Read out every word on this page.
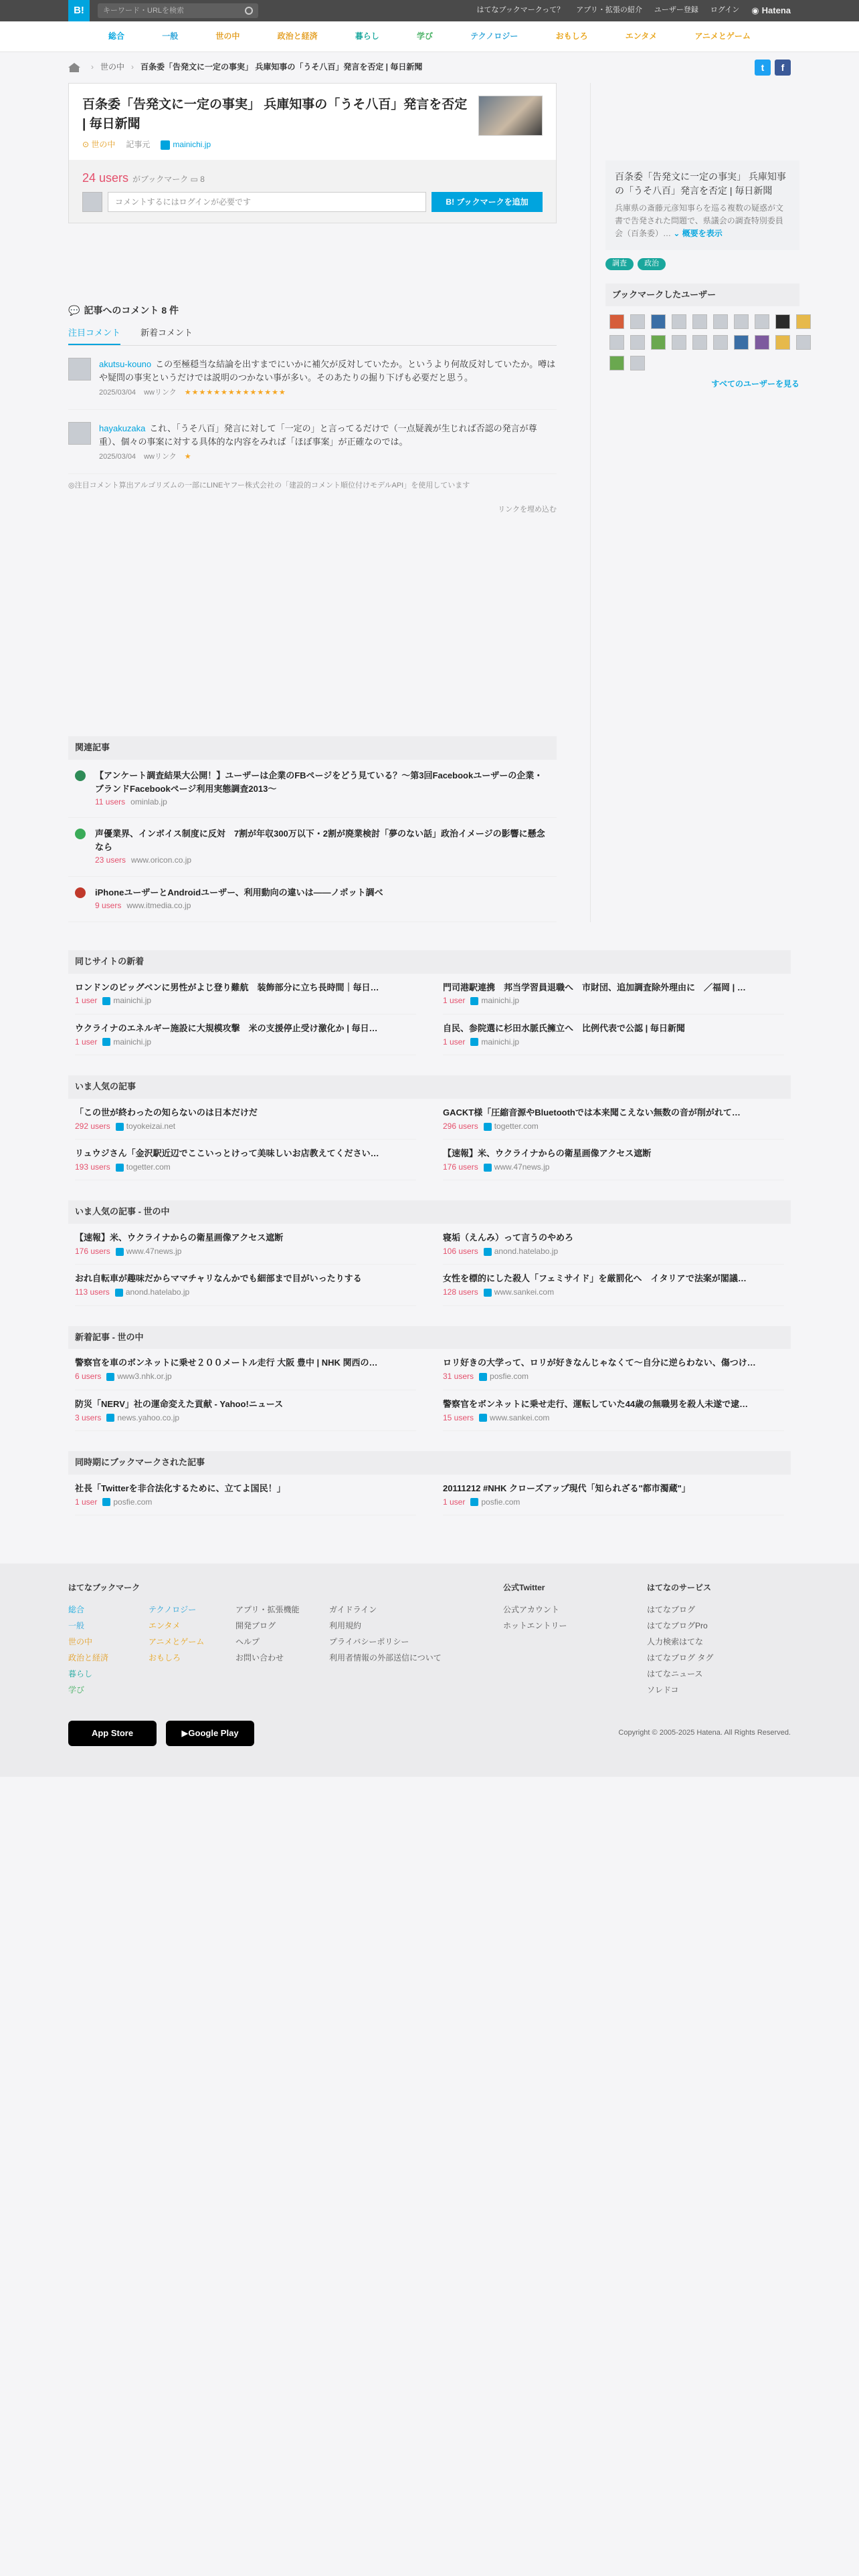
B!
キーワード・URLを検索	はてなブックマークって？ アプリ・拡張の紹介 ユーザー登録 ログイン ◉ Hatena
総合	一般	世の中	政治と経済	暮らし	学び	テクノロジー	おもしろ	エンタメ	アニメとゲーム
› 世の中 › 百条委「告発文に一定の事実」 兵庫知事の「うそ八百」発言を否定 | 毎日新聞	t	f
百条委「告発文に一定の事実」 兵庫知事の「うそ八百」発言を否定 | 毎日新聞
⊙ 世の中 記事元	mainichi.jp
24 users がブックマーク ▭ 8
コメントするにはログインが必要です	B! ブックマークを追加
💬 記事へのコメント 8 件
注目コメント 新着コメント
akutsu-kouno この至極穏当な結論を出すまでにいかに補欠が反対していたか。というより何故反対していたか。噂はや疑問の事実というだけでは説明のつかない事が多い。そのあたりの掘り下げも必要だと思う。
2025/03/04 wwリンク ★★★★★★★★★★★★★★
hayakuzaka これ、「うそ八百」発言に対して「一定の」と言ってるだけで（一点疑義が生じれば否認の発言が尊重）、個々の事案に対する具体的な内容をみれば「ほぼ事案」が正確なのでは。
2025/03/04 wwリンク ★
◎注目コメント算出アルゴリズムの一部にLINEヤフー株式会社の「建設的コメント順位付けモデルAPI」を使用しています
リンクを埋め込む
関連記事
【アンケート調査結果大公開！】ユーザーは企業のFBページをどう見ている？〜第3回Facebookユーザーの企業・ブランドFacebookページ利用実態調査2013〜
11 users ominlab.jp
声優業界、インボイス制度に反対　7割が年収300万以下・2割が廃業検討「夢のない話」政治イメージの影響に懸念なら
23 users www.oricon.co.jp
iPhoneユーザーとAndroidユーザー、利用動向の違いは——ノポット調べ
9 users www.itmedia.co.jp
百条委「告発文に一定の事実」 兵庫知事の「うそ八百」発言を否定 | 毎日新聞

兵庫県の斎藤元彦知事らを巡る複数の疑惑が文書で告発された問題で、県議会の調査特別委員会（百条委）… ⌄ 概要を表示

調査	政治
ブックマークしたユーザー
すべてのユーザーを見る
同じサイトの新着
ロンドンのビッグベンに男性がよじ登り難航　装飾部分に立ち長時間｜毎日…
1 user mainichi.jp
門司港駅連携　邦当学習員退職へ　市財団、追加調査除外理由に　／福岡 | …
1 user mainichi.jp
ウクライナのエネルギー施設に大規模攻撃　米の支援停止受け激化か | 毎日…
1 user mainichi.jp
自民、参院選に杉田水脈氏擁立へ　比例代表で公認 | 毎日新聞
1 user mainichi.jp
いま人気の記事
「この世が終わったの知らないのは日本だけだ
292 users toyokeizai.net
GACKT様「圧縮音源やBluetoothでは本来聞こえない無数の音が削がれて…
296 users togetter.com
リュウジさん「金沢駅近辺でここいっとけって美味しいお店教えてください…
193 users togetter.com
【速報】米、ウクライナからの衛星画像アクセス遮断
176 users www.47news.jp
いま人気の記事 - 世の中
【速報】米、ウクライナからの衛星画像アクセス遮断
176 users www.47news.jp
寝垢（えんみ）って言うのやめろ
106 users anond.hatelabo.jp
おれ自転車が趣味だからママチャリなんかでも細部まで目がいったりする
113 users anond.hatelabo.jp
女性を標的にした殺人「フェミサイド」を厳罰化へ　イタリアで法案が閣議…
128 users www.sankei.com
新着記事 - 世の中
警察官を車のボンネットに乗せ２００メートル走行 大阪 豊中 | NHK 関西の…
6 users www3.nhk.or.jp
ロリ好きの大学って、ロリが好きなんじゃなくて〜自分に逆らわない、傷つけ…
31 users posfie.com
防災「NERV」社の運命変えた貢献 - Yahoo!ニュース
3 users news.yahoo.co.jp
警察官をボンネットに乗せ走行、運転していた44歳の無職男を殺人未遂で逮…
15 users www.sankei.com
同時期にブックマークされた記事
社長「Twitterを非合法化するために、立てよ国民！」
1 user posfie.com
20111212 #NHK クローズアップ現代「知られざる"都市濁蔵"」
1 user posfie.com
はてなブックマーク
総合
一般
世の中
政治と経済
暮らし
学び
テクノロジー
エンタメ
アニメとゲーム
おもしろ
アプリ・拡張機能
開発ブログ
ヘルプ
お問い合わせ
ガイドライン
利用規約
プライバシーポリシー
利用者情報の外部送信について
公式Twitter
公式アカウント
ホットエントリー
はてなのサービス
はてなブログ
はてなブログPro
人力検索はてな
はてなブログ タグ
はてなニュース
ソレドコ
App Store	▶ Google Play	Copyright © 2005-2025 Hatena. All Rights Reserved.
